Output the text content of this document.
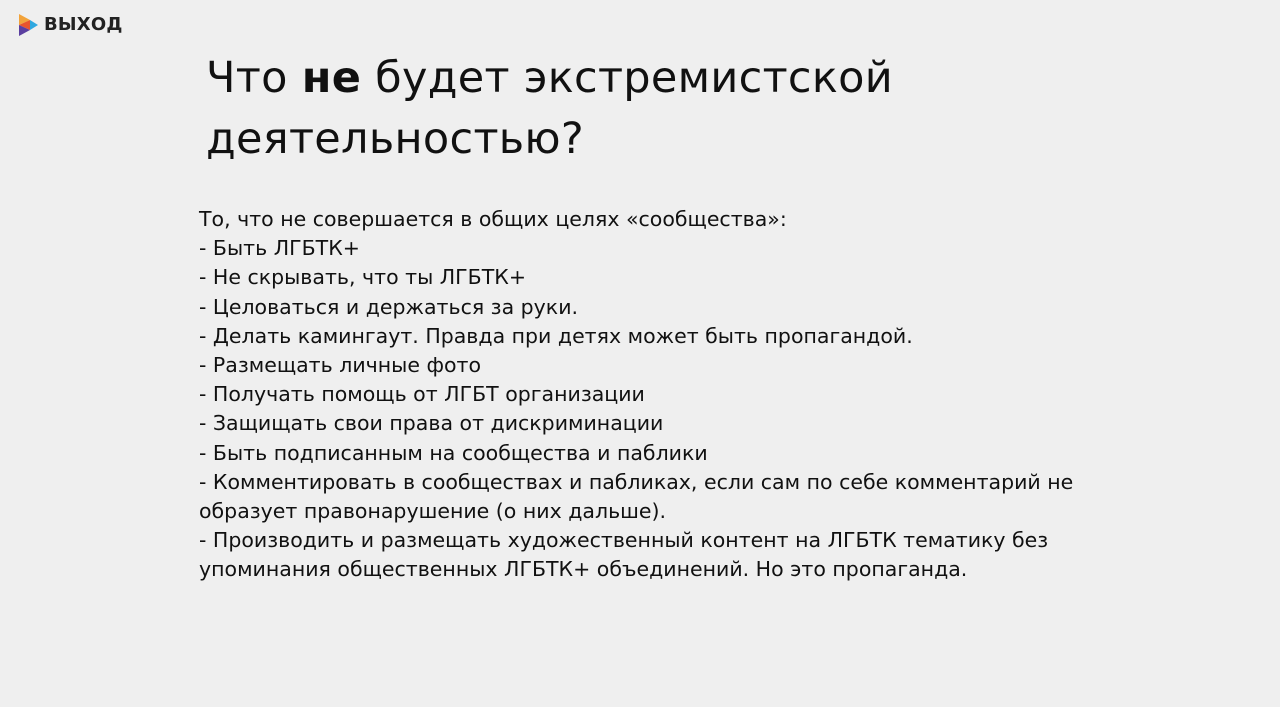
ВЫХОД
Что не будет экстремистской деятельностью?
То, что не совершается в общих целях «сообщества»:
- Быть ЛГБТК+
- Не скрывать, что ты ЛГБТК+
- Целоваться и держаться за руки.
- Делать камингаут. Правда при детях может быть пропагандой.
- Размещать личные фото
- Получать помощь от ЛГБТ организации
- Защищать свои права от дискриминации
- Быть подписанным на сообщества и паблики
- Комментировать в сообществах и пабликах, если сам по себе комментарий не
образует правонарушение (о них дальше).
- Производить и размещать художественный контент на ЛГБТК тематику без
упоминания общественных ЛГБТК+ объединений. Но это пропаганда.
